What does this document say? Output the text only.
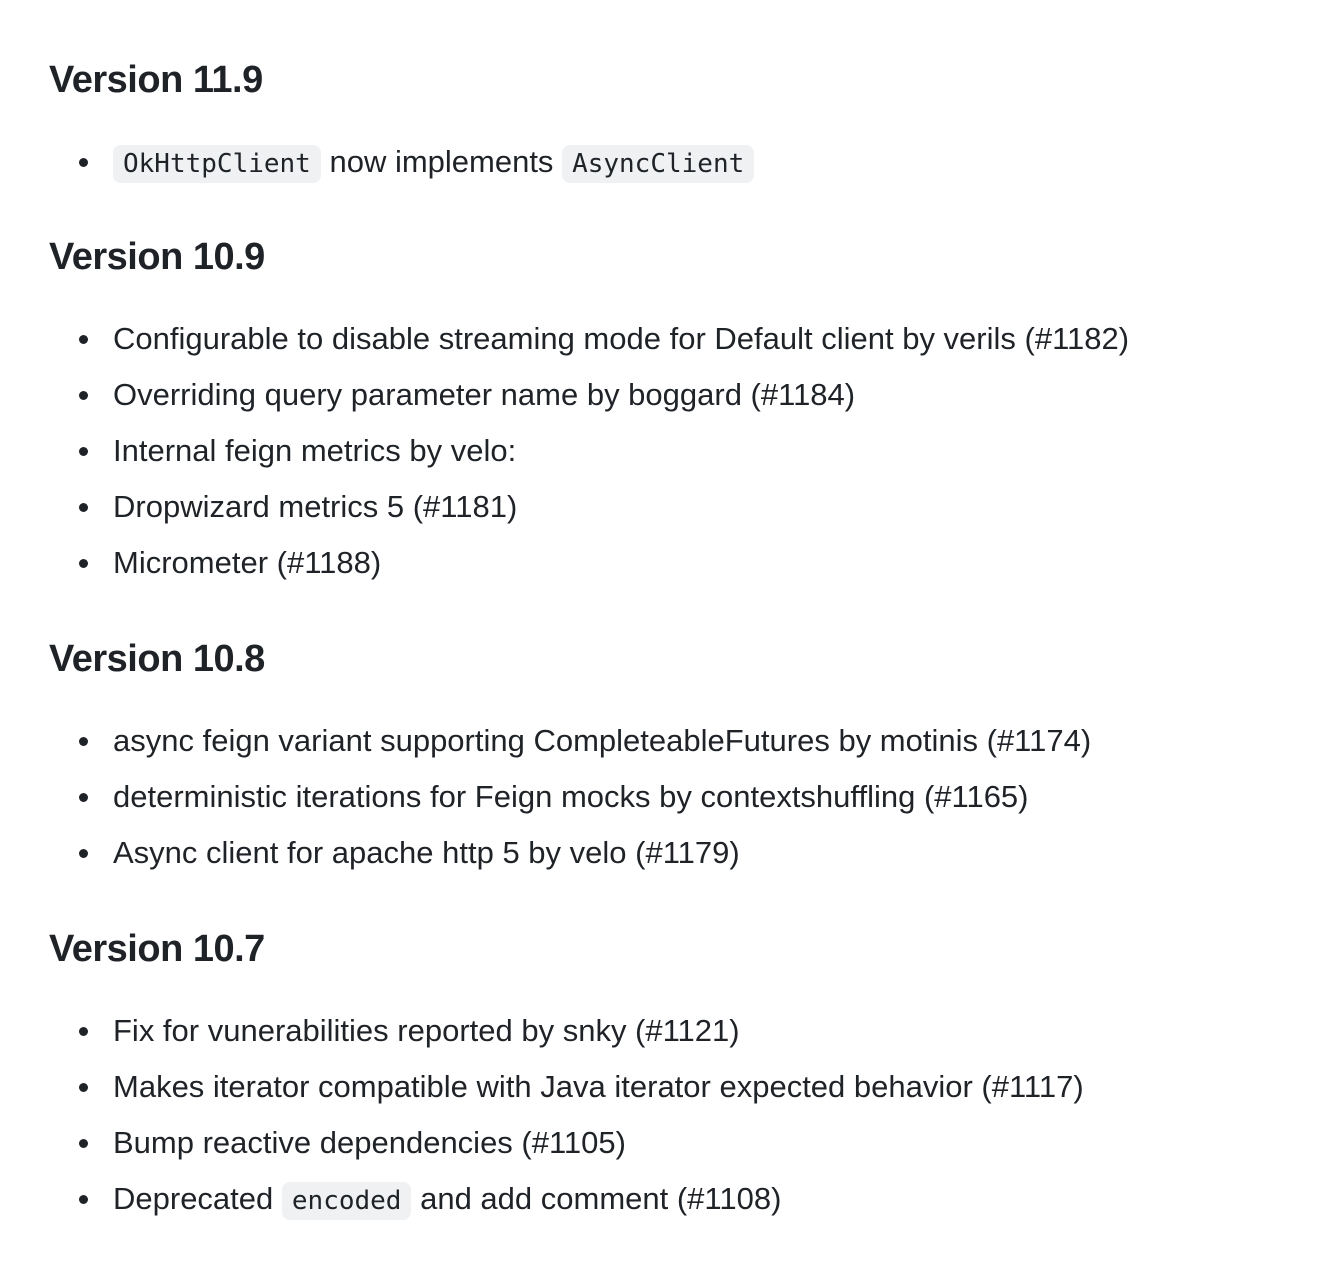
Version 11.9
OkHttpClient now implements AsyncClient
Version 10.9
Configurable to disable streaming mode for Default client by verils (#1182)
Overriding query parameter name by boggard (#1184)
Internal feign metrics by velo:
Dropwizard metrics 5 (#1181)
Micrometer (#1188)
Version 10.8
async feign variant supporting CompleteableFutures by motinis (#1174)
deterministic iterations for Feign mocks by contextshuffling (#1165)
Async client for apache http 5 by velo (#1179)
Version 10.7
Fix for vunerabilities reported by snky (#1121)
Makes iterator compatible with Java iterator expected behavior (#1117)
Bump reactive dependencies (#1105)
Deprecated encoded and add comment (#1108)
